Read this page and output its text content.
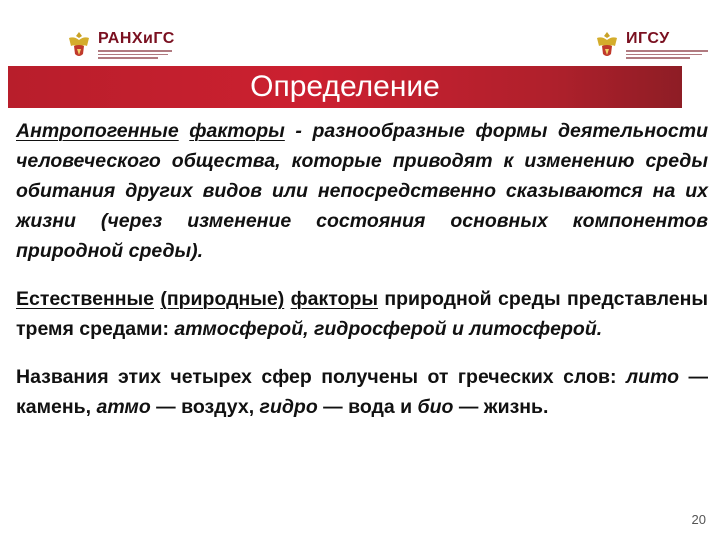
РАНХиГС	ИГСУ
Определение

Антропогенные факторы - разнообразные формы деятельности человеческого общества, которые приводят к изменению среды обитания других видов или непосредственно сказываются на их жизни (через изменение состояния основных компонентов природной среды).

Естественные (природные) факторы природной среды представлены тремя средами: атмосферой, гидросферой и литосферой.

Названия этих четырех сфер получены от греческих слов: лито — камень, атмо — воздух, гидро — вода и био — жизнь.

20
